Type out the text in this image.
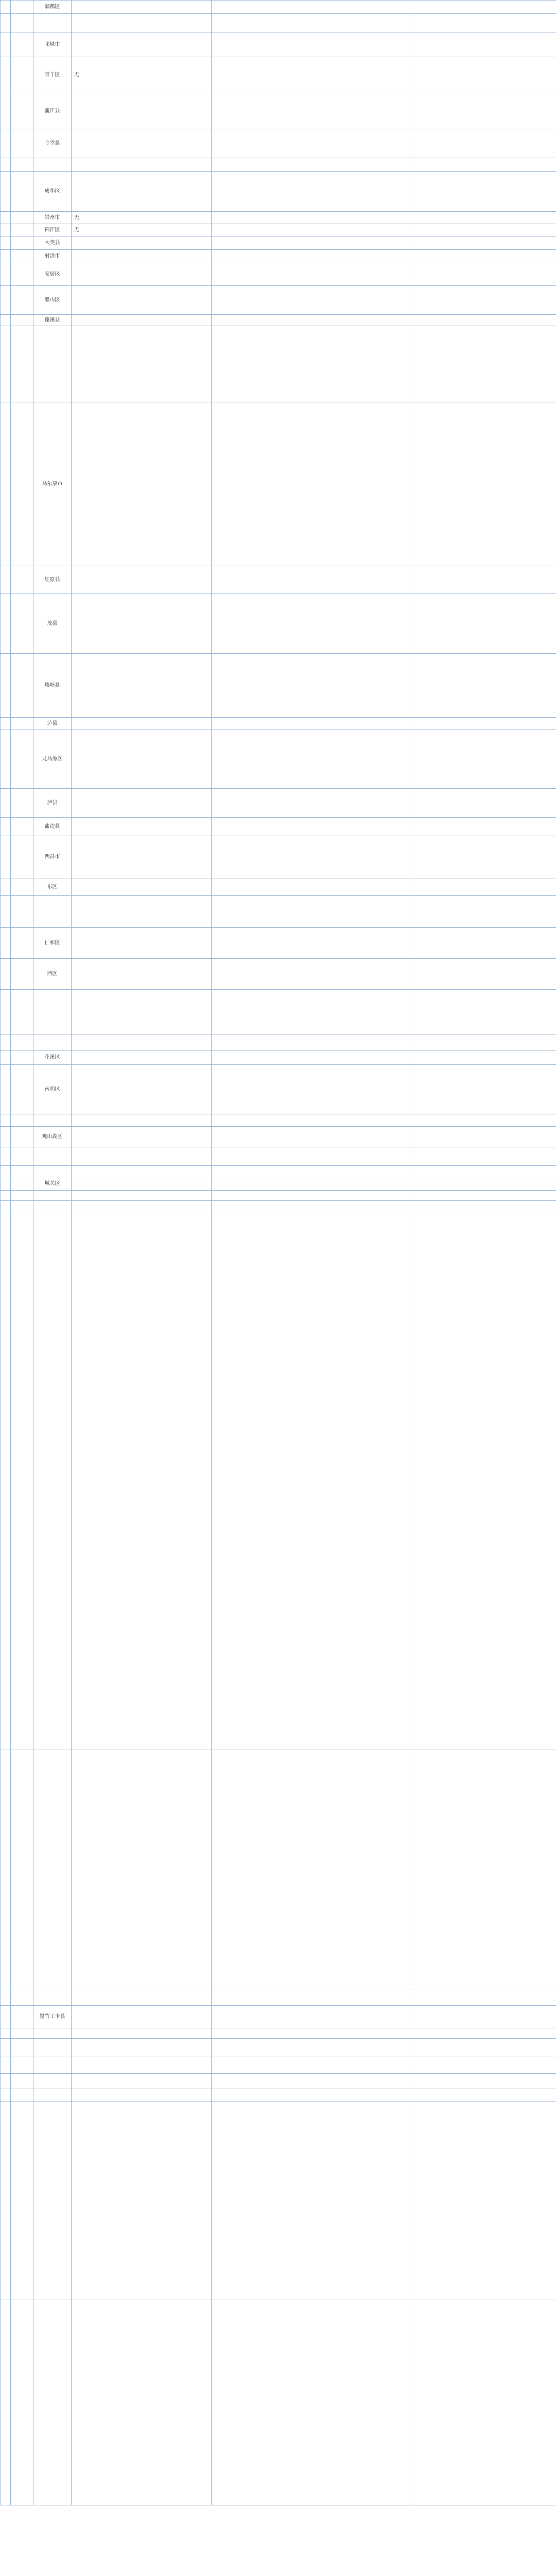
		郫都区			

		邛崃市			
		青羊区	无		
		蒲江县			
		金堂县			

		成华区			
		崇州市	无		
		锦江区	无		
		大英县			
		射洪市			
		安居区			
		船山区			
		蓬溪县			

		马尔康市			
		红原县			
		茂县			
		壤塘县			
		泸县			
		龙马潭区			
		泸县			
		盐边县			
		西昌市			
		东区			

		仁和区			
		西区			

		花溪区			
		南明区			

		观山湖区			

		城关区			

		墨竹工卡县			
